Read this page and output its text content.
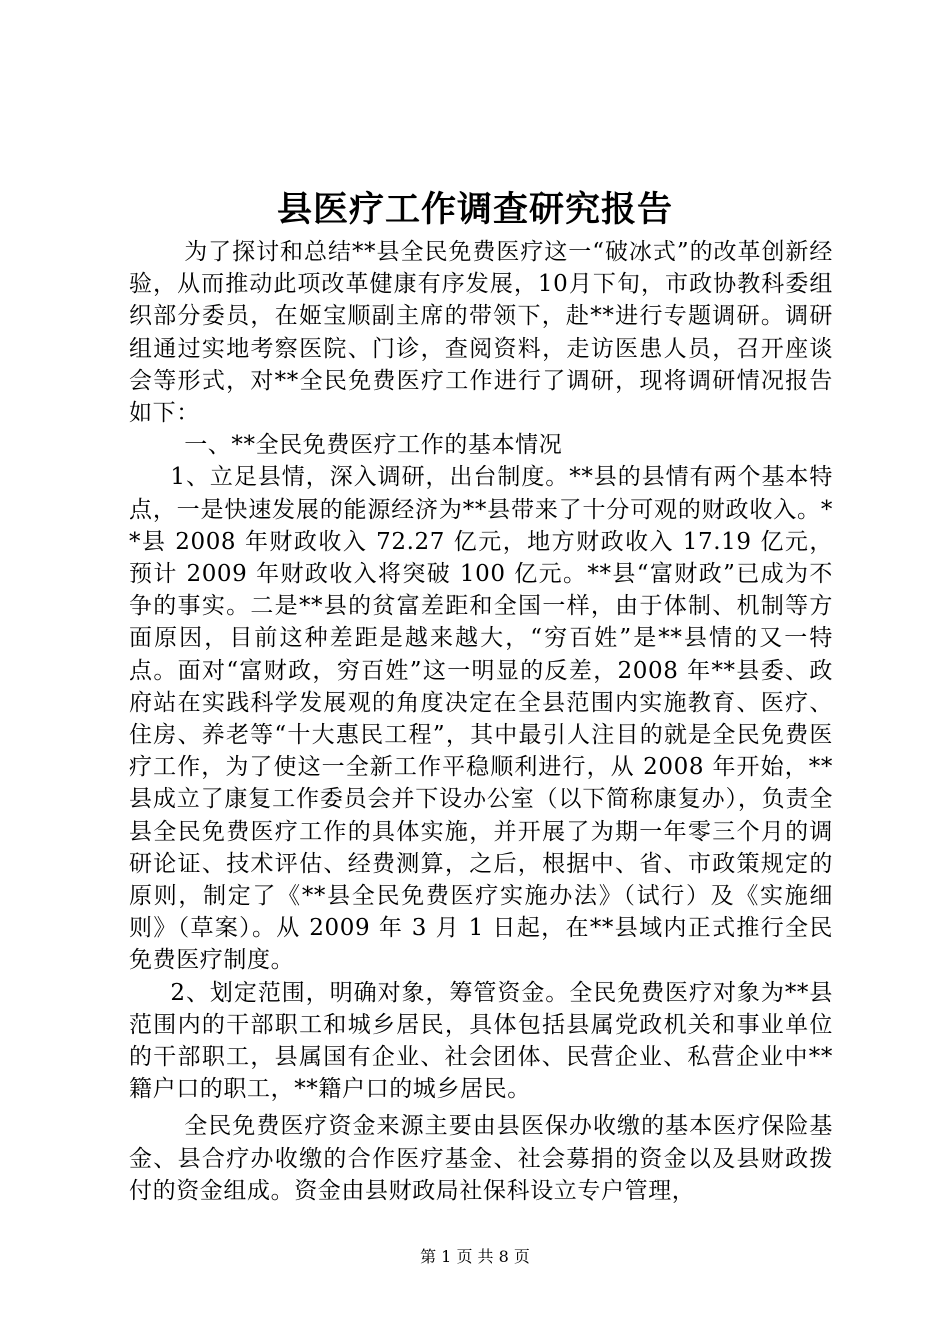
县医疗工作调查研究报告

为了探讨和总结**县全民免费医疗这一“破冰式”的改革创新经验，从而推动此项改革健康有序发展，10月下旬，市政协教科委组织部分委员，在姬宝顺副主席的带领下，赴**进行专题调研。调研组通过实地考察医院、门诊，查阅资料，走访医患人员，召开座谈会等形式，对**全民免费医疗工作进行了调研，现将调研情况报告如下：

一、**全民免费医疗工作的基本情况

1、立足县情，深入调研，出台制度。**县的县情有两个基本特点，一是快速发展的能源经济为**县带来了十分可观的财政收入。**县 2008 年财政收入 72.27 亿元，地方财政收入 17.19 亿元，预计 2009 年财政收入将突破 100 亿元。**县“富财政”已成为不争的事实。二是**县的贫富差距和全国一样，由于体制、机制等方面原因，目前这种差距是越来越大，“穷百姓”是**县情的又一特点。面对“富财政，穷百姓”这一明显的反差，2008 年**县委、政府站在实践科学发展观的角度决定在全县范围内实施教育、医疗、住房、养老等“十大惠民工程”，其中最引人注目的就是全民免费医疗工作，为了使这一全新工作平稳顺利进行，从 2008 年开始，**县成立了康复工作委员会并下设办公室（以下简称康复办），负责全县全民免费医疗工作的具体实施，并开展了为期一年零三个月的调研论证、技术评估、经费测算，之后，根据中、省、市政策规定的原则，制定了《**县全民免费医疗实施办法》（试行）及《实施细则》（草案）。从 2009 年 3 月 1 日起，在**县域内正式推行全民免费医疗制度。

2、划定范围，明确对象，筹管资金。全民免费医疗对象为**县范围内的干部职工和城乡居民，具体包括县属党政机关和事业单位的干部职工，县属国有企业、社会团体、民营企业、私营企业中**籍户口的职工，**籍户口的城乡居民。

全民免费医疗资金来源主要由县医保办收缴的基本医疗保险基金、县合疗办收缴的合作医疗基金、社会募捐的资金以及县财政拨付的资金组成。资金由县财政局社保科设立专户管理，

第 1 页 共 8 页
